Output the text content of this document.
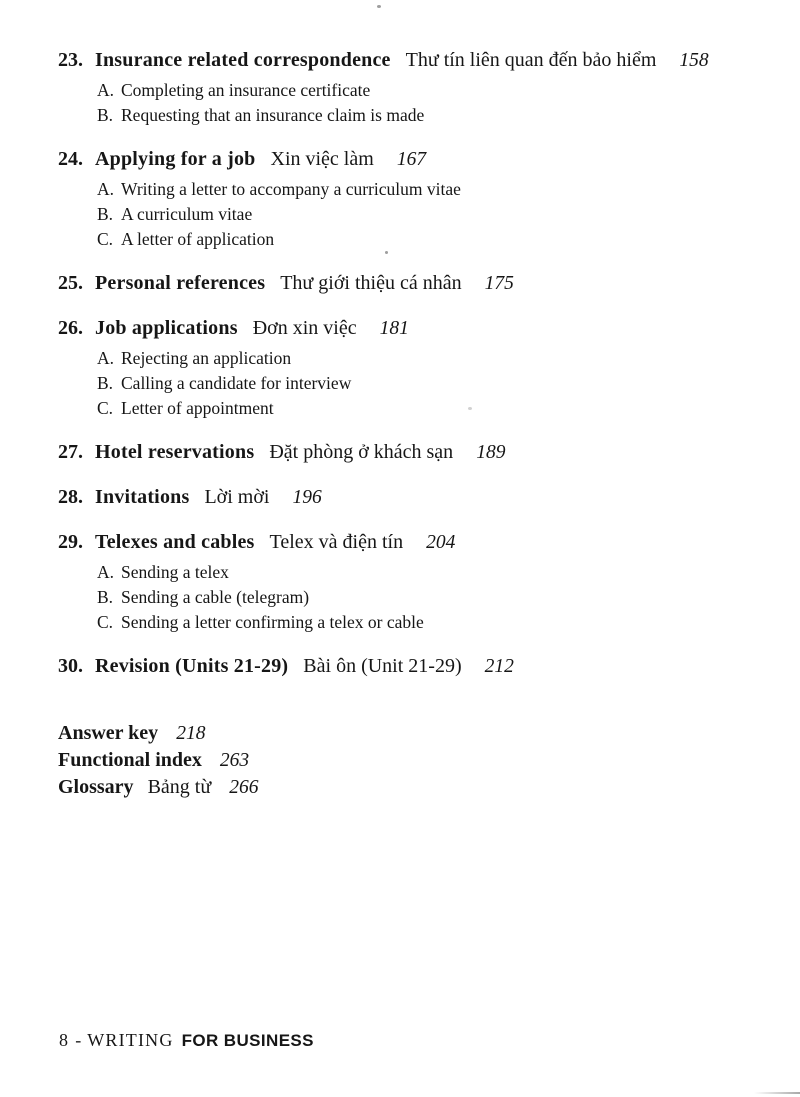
23. Insurance related correspondence Thư tín liên quan đến bảo hiểm 158
A. Completing an insurance certificate
B. Requesting that an insurance claim is made
24. Applying for a job Xin việc làm 167
A. Writing a letter to accompany a curriculum vitae
B. A curriculum vitae
C. A letter of application
25. Personal references Thư giới thiệu cá nhân 175
26. Job applications Đơn xin việc 181
A. Rejecting an application
B. Calling a candidate for interview
C. Letter of appointment
27. Hotel reservations Đặt phòng ở khách sạn 189
28. Invitations Lời mời 196
29. Telexes and cables Telex và điện tín 204
A. Sending a telex
B. Sending a cable (telegram)
C. Sending a letter confirming a telex or cable
30. Revision (Units 21-29) Bài ôn (Unit 21-29) 212
Answer key 218
Functional index 263
Glossary Bảng từ 266
8 - WRITING FOR BUSINESS
